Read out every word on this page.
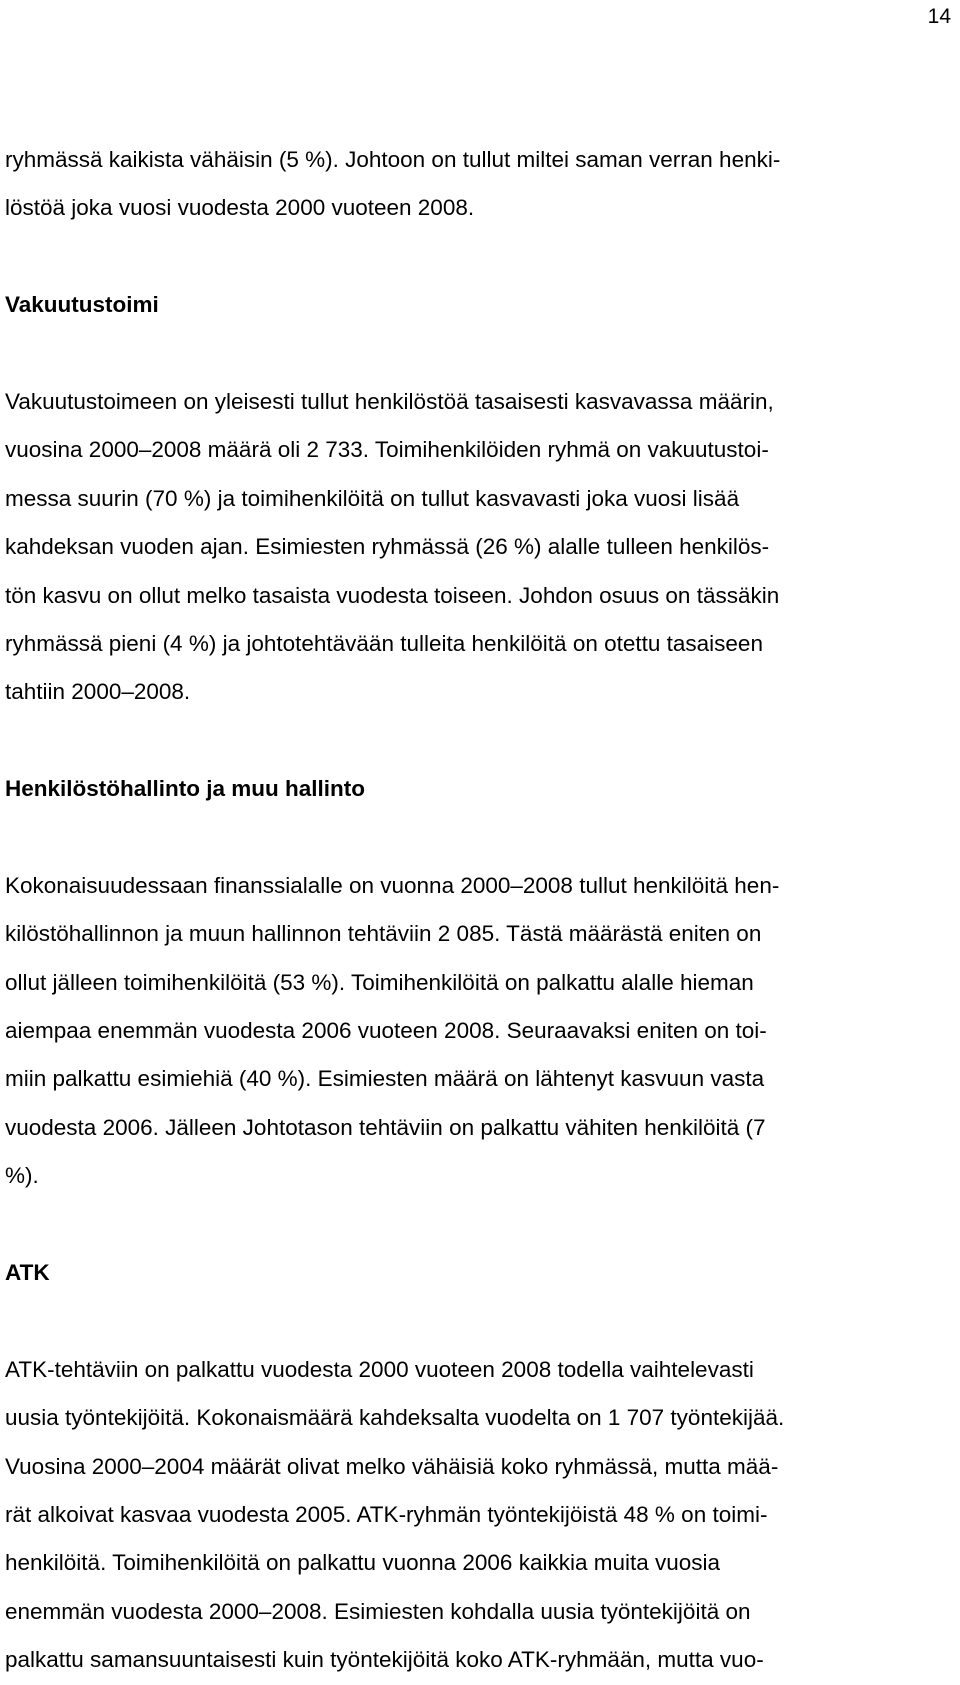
14
ryhmässä kaikista vähäisin (5 %). Johtoon on tullut miltei saman verran henki-
löstöä joka vuosi vuodesta 2000 vuoteen 2008.
Vakuutustoimi
Vakuutustoimeen on yleisesti tullut henkilöstöä tasaisesti kasvavassa määrin,
vuosina 2000–2008 määrä oli 2 733. Toimihenkilöiden ryhmä on vakuutustoi-
messa suurin (70 %) ja toimihenkilöitä on tullut kasvavasti joka vuosi lisää
kahdeksan vuoden ajan. Esimiesten ryhmässä (26 %) alalle tulleen henkilös-
tön kasvu on ollut melko tasaista vuodesta toiseen. Johdon osuus on tässäkin
ryhmässä pieni (4 %) ja johtotehtävään tulleita henkilöitä on otettu tasaiseen
tahtiin 2000–2008.
Henkilöstöhallinto ja muu hallinto
Kokonaisuudessaan finanssialalle on vuonna 2000–2008 tullut henkilöitä hen-
kilöstöhallinnon ja muun hallinnon tehtäviin 2 085. Tästä määrästä eniten on
ollut jälleen toimihenkilöitä (53 %). Toimihenkilöitä on palkattu alalle hieman
aiempaa enemmän vuodesta 2006 vuoteen 2008. Seuraavaksi eniten on toi-
miin palkattu esimiehiä (40 %). Esimiesten määrä on lähtenyt kasvuun vasta
vuodesta 2006. Jälleen Johtotason tehtäviin on palkattu vähiten henkilöitä (7
%).
ATK
ATK-tehtäviin on palkattu vuodesta 2000 vuoteen 2008 todella vaihtelevasti
uusia työntekijöitä. Kokonaismäärä kahdeksalta vuodelta on 1 707 työntekijää.
Vuosina 2000–2004 määrät olivat melko vähäisiä koko ryhmässä, mutta mää-
rät alkoivat kasvaa vuodesta 2005. ATK-ryhmän työntekijöistä 48 % on toimi-
henkilöitä. Toimihenkilöitä on palkattu vuonna 2006 kaikkia muita vuosia
enemmän vuodesta 2000–2008. Esimiesten kohdalla uusia työntekijöitä on
palkattu samansuuntaisesti kuin työntekijöitä koko ATK-ryhmään, mutta vuo-
